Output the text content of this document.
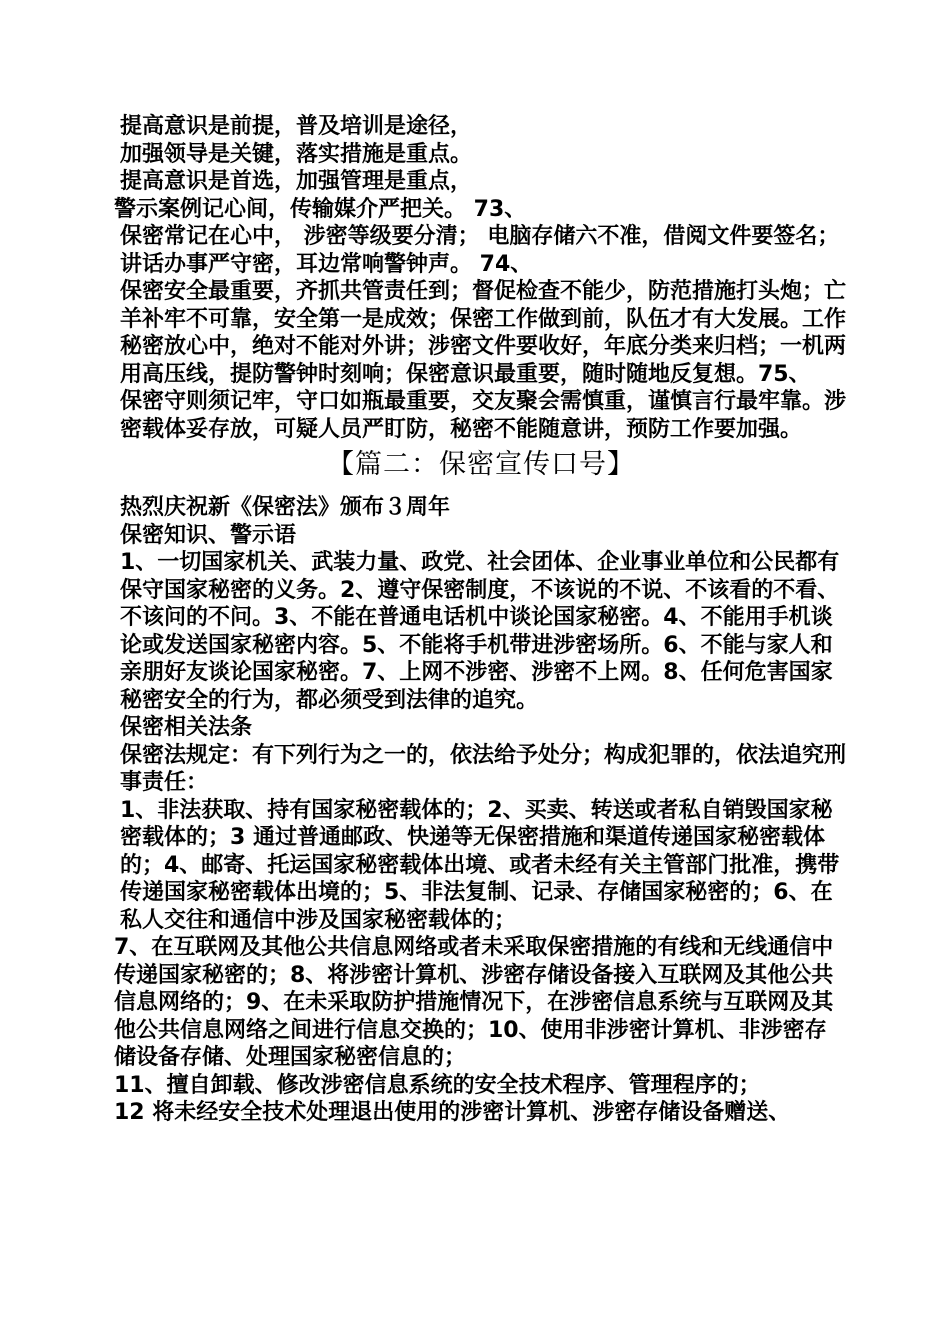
提高意识是前提，普及培训是途径，

加强领导是关键，落实措施是重点。

提高意识是首选，加强管理是重点，

警示案例记心间，传输媒介严把关。 73、

保密常记在心中， 涉密等级要分清； 电脑存储六不准，借阅文件要签名； 讲话办事严守密，耳边常响警钟声。 74、

保密安全最重要，齐抓共管责任到；督促检查不能少，防范措施打头炮；亡羊补牢不可靠，安全第一是成效；保密工作做到前，队伍才有大发展。工作秘密放心中，绝对不能对外讲；涉密文件要收好，年底分类来归档；一机两用高压线，提防警钟时刻响；保密意识最重要，随时随地反复想。75、

保密守则须记牢，守口如瓶最重要，交友聚会需慎重，谨慎言行最牢靠。涉密载体妥存放，可疑人员严盯防，秘密不能随意讲，预防工作要加强。

【篇二：保密宣传口号】

热烈庆祝新《保密法》颁布３周年

保密知识、警示语

1、一切国家机关、武装力量、政党、社会团体、企业事业单位和公民都有保守国家秘密的义务。2、遵守保密制度，不该说的不说、不该看的不看、不该问的不问。3、不能在普通电话机中谈论国家秘密。4、不能用手机谈论或发送国家秘密内容。5、不能将手机带进涉密场所。6、不能与家人和亲朋好友谈论国家秘密。7、上网不涉密、涉密不上网。8、任何危害国家秘密安全的行为，都必须受到法律的追究。

保密相关法条

保密法规定：有下列行为之一的，依法给予处分；构成犯罪的，依法追究刑事责任：

1、非法获取、持有国家秘密载体的；2、买卖、转送或者私自销毁国家秘密载体的；3 通过普通邮政、快递等无保密措施和渠道传递国家秘密载体的；4、邮寄、托运国家秘密载体出境、或者未经有关主管部门批准，携带传递国家秘密载体出境的；5、非法复制、记录、存储国家秘密的；6、在私人交往和通信中涉及国家秘密载体的；

7、在互联网及其他公共信息网络或者未采取保密措施的有线和无线通信中传递国家秘密的；8、将涉密计算机、涉密存储设备接入互联网及其他公共信息网络的；9、在未采取防护措施情况下，在涉密信息系统与互联网及其他公共信息网络之间进行信息交换的；10、使用非涉密计算机、非涉密存储设备存储、处理国家秘密信息的；

11、擅自卸载、修改涉密信息系统的安全技术程序、管理程序的；

12 将未经安全技术处理退出使用的涉密计算机、涉密存储设备赠送、
